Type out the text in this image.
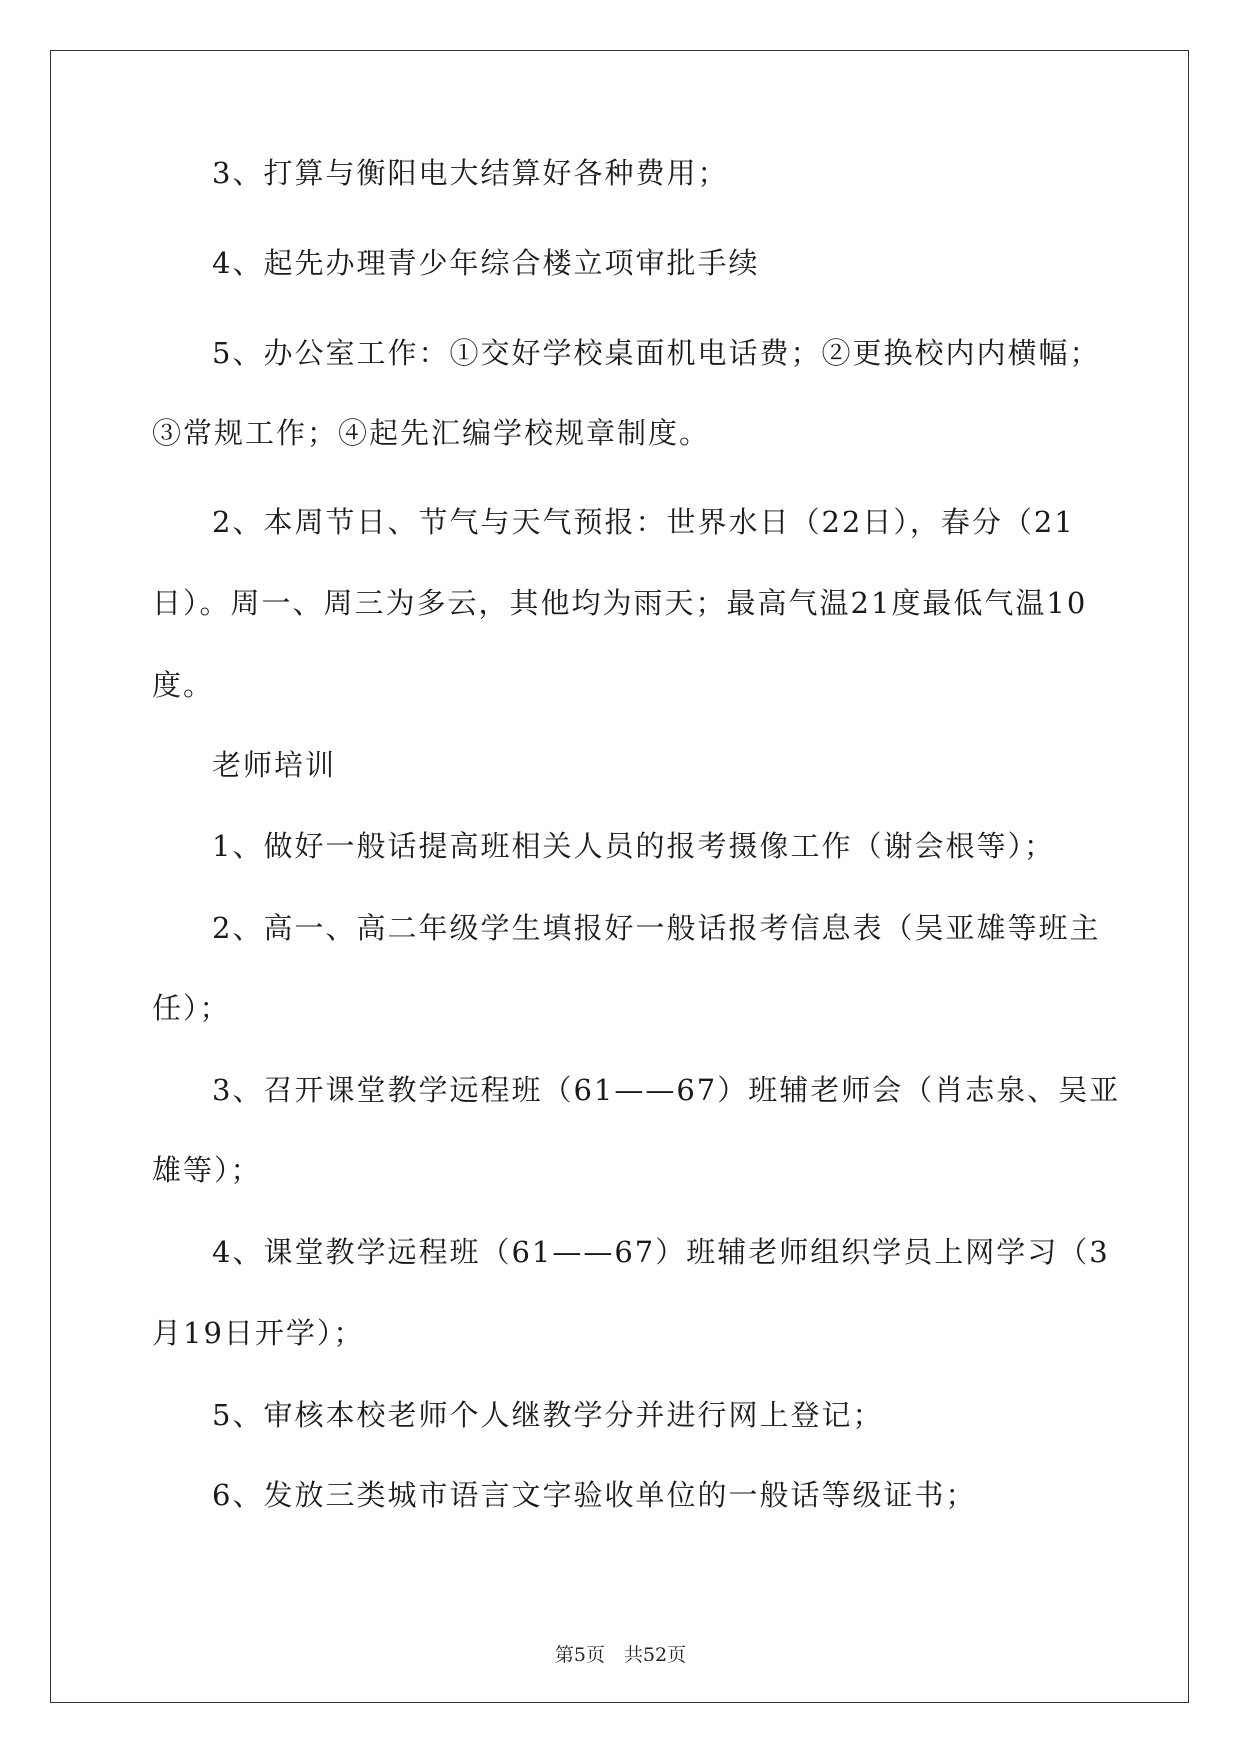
3、打算与衡阳电大结算好各种费用；
4、起先办理青少年综合楼立项审批手续
5、办公室工作：①交好学校桌面机电话费；②更换校内内横幅；
③常规工作；④起先汇编学校规章制度。
2、本周节日、节气与天气预报：世界水日（22日），春分（21
日）。周一、周三为多云，其他均为雨天；最高气温21度最低气温10
度。
老师培训
1、做好一般话提高班相关人员的报考摄像工作（谢会根等）；
2、高一、高二年级学生填报好一般话报考信息表（吴亚雄等班主
任）；
3、召开课堂教学远程班（61——67）班辅老师会（肖志泉、吴亚
雄等）；
4、课堂教学远程班（61——67）班辅老师组织学员上网学习（3
月19日开学）；
5、审核本校老师个人继教学分并进行网上登记；
6、发放三类城市语言文字验收单位的一般话等级证书；
第5页　共52页
